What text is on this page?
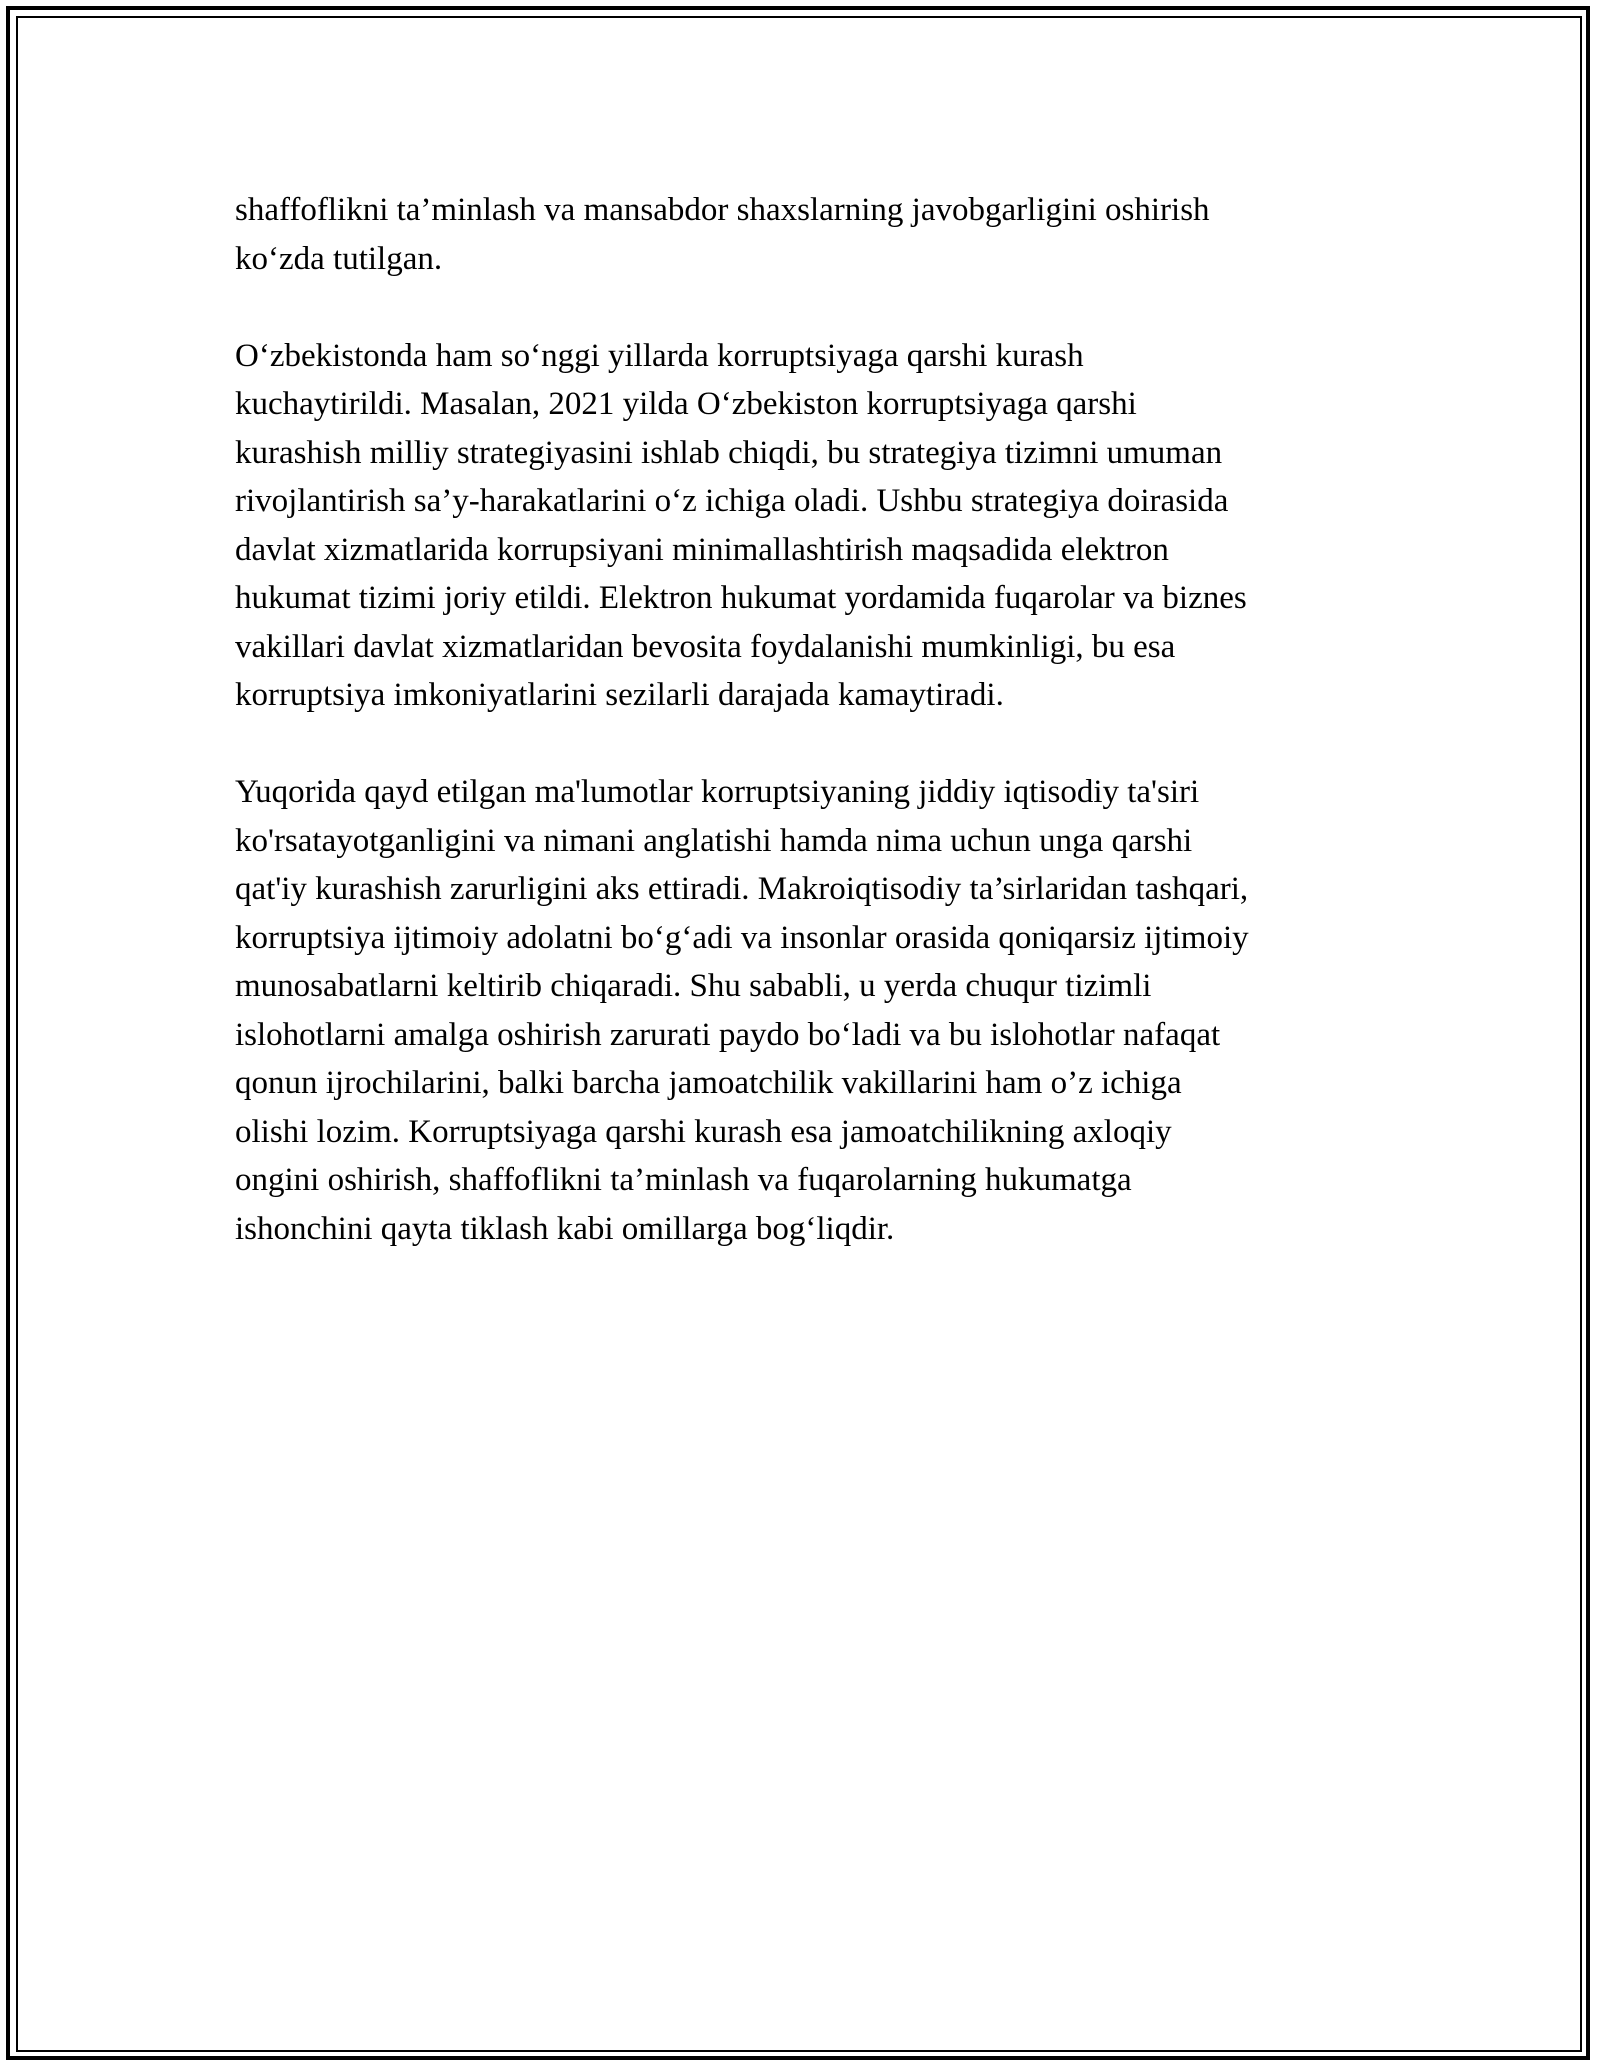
shaffoflikni ta’minlash va mansabdor shaxslarning javobgarligini oshirish
ko‘zda tutilgan.

O‘zbekistonda ham so‘nggi yillarda korruptsiyaga qarshi kurash
kuchaytirildi. Masalan, 2021 yilda O‘zbekiston korruptsiyaga qarshi
kurashish milliy strategiyasini ishlab chiqdi, bu strategiya tizimni umuman
rivojlantirish sa’y-harakatlarini o‘z ichiga oladi. Ushbu strategiya doirasida
davlat xizmatlarida korrupsiyani minimallashtirish maqsadida elektron
hukumat tizimi joriy etildi. Elektron hukumat yordamida fuqarolar va biznes
vakillari davlat xizmatlaridan bevosita foydalanishi mumkinligi, bu esa
korruptsiya imkoniyatlarini sezilarli darajada kamaytiradi.

Yuqorida qayd etilgan ma'lumotlar korruptsiyaning jiddiy iqtisodiy ta'siri
ko'rsatayotganligini va nimani anglatishi hamda nima uchun unga qarshi
qat'iy kurashish zarurligini aks ettiradi. Makroiqtisodiy ta’sirlaridan tashqari,
korruptsiya ijtimoiy adolatni bo‘g‘adi va insonlar orasida qoniqarsiz ijtimoiy
munosabatlarni keltirib chiqaradi. Shu sababli, u yerda chuqur tizimli
islohotlarni amalga oshirish zarurati paydo bo‘ladi va bu islohotlar nafaqat
qonun ijrochilarini, balki barcha jamoatchilik vakillarini ham o’z ichiga
olishi lozim. Korruptsiyaga qarshi kurash esa jamoatchilikning axloqiy
ongini oshirish, shaffoflikni ta’minlash va fuqarolarning hukumatga
ishonchini qayta tiklash kabi omillarga bog‘liqdir.
